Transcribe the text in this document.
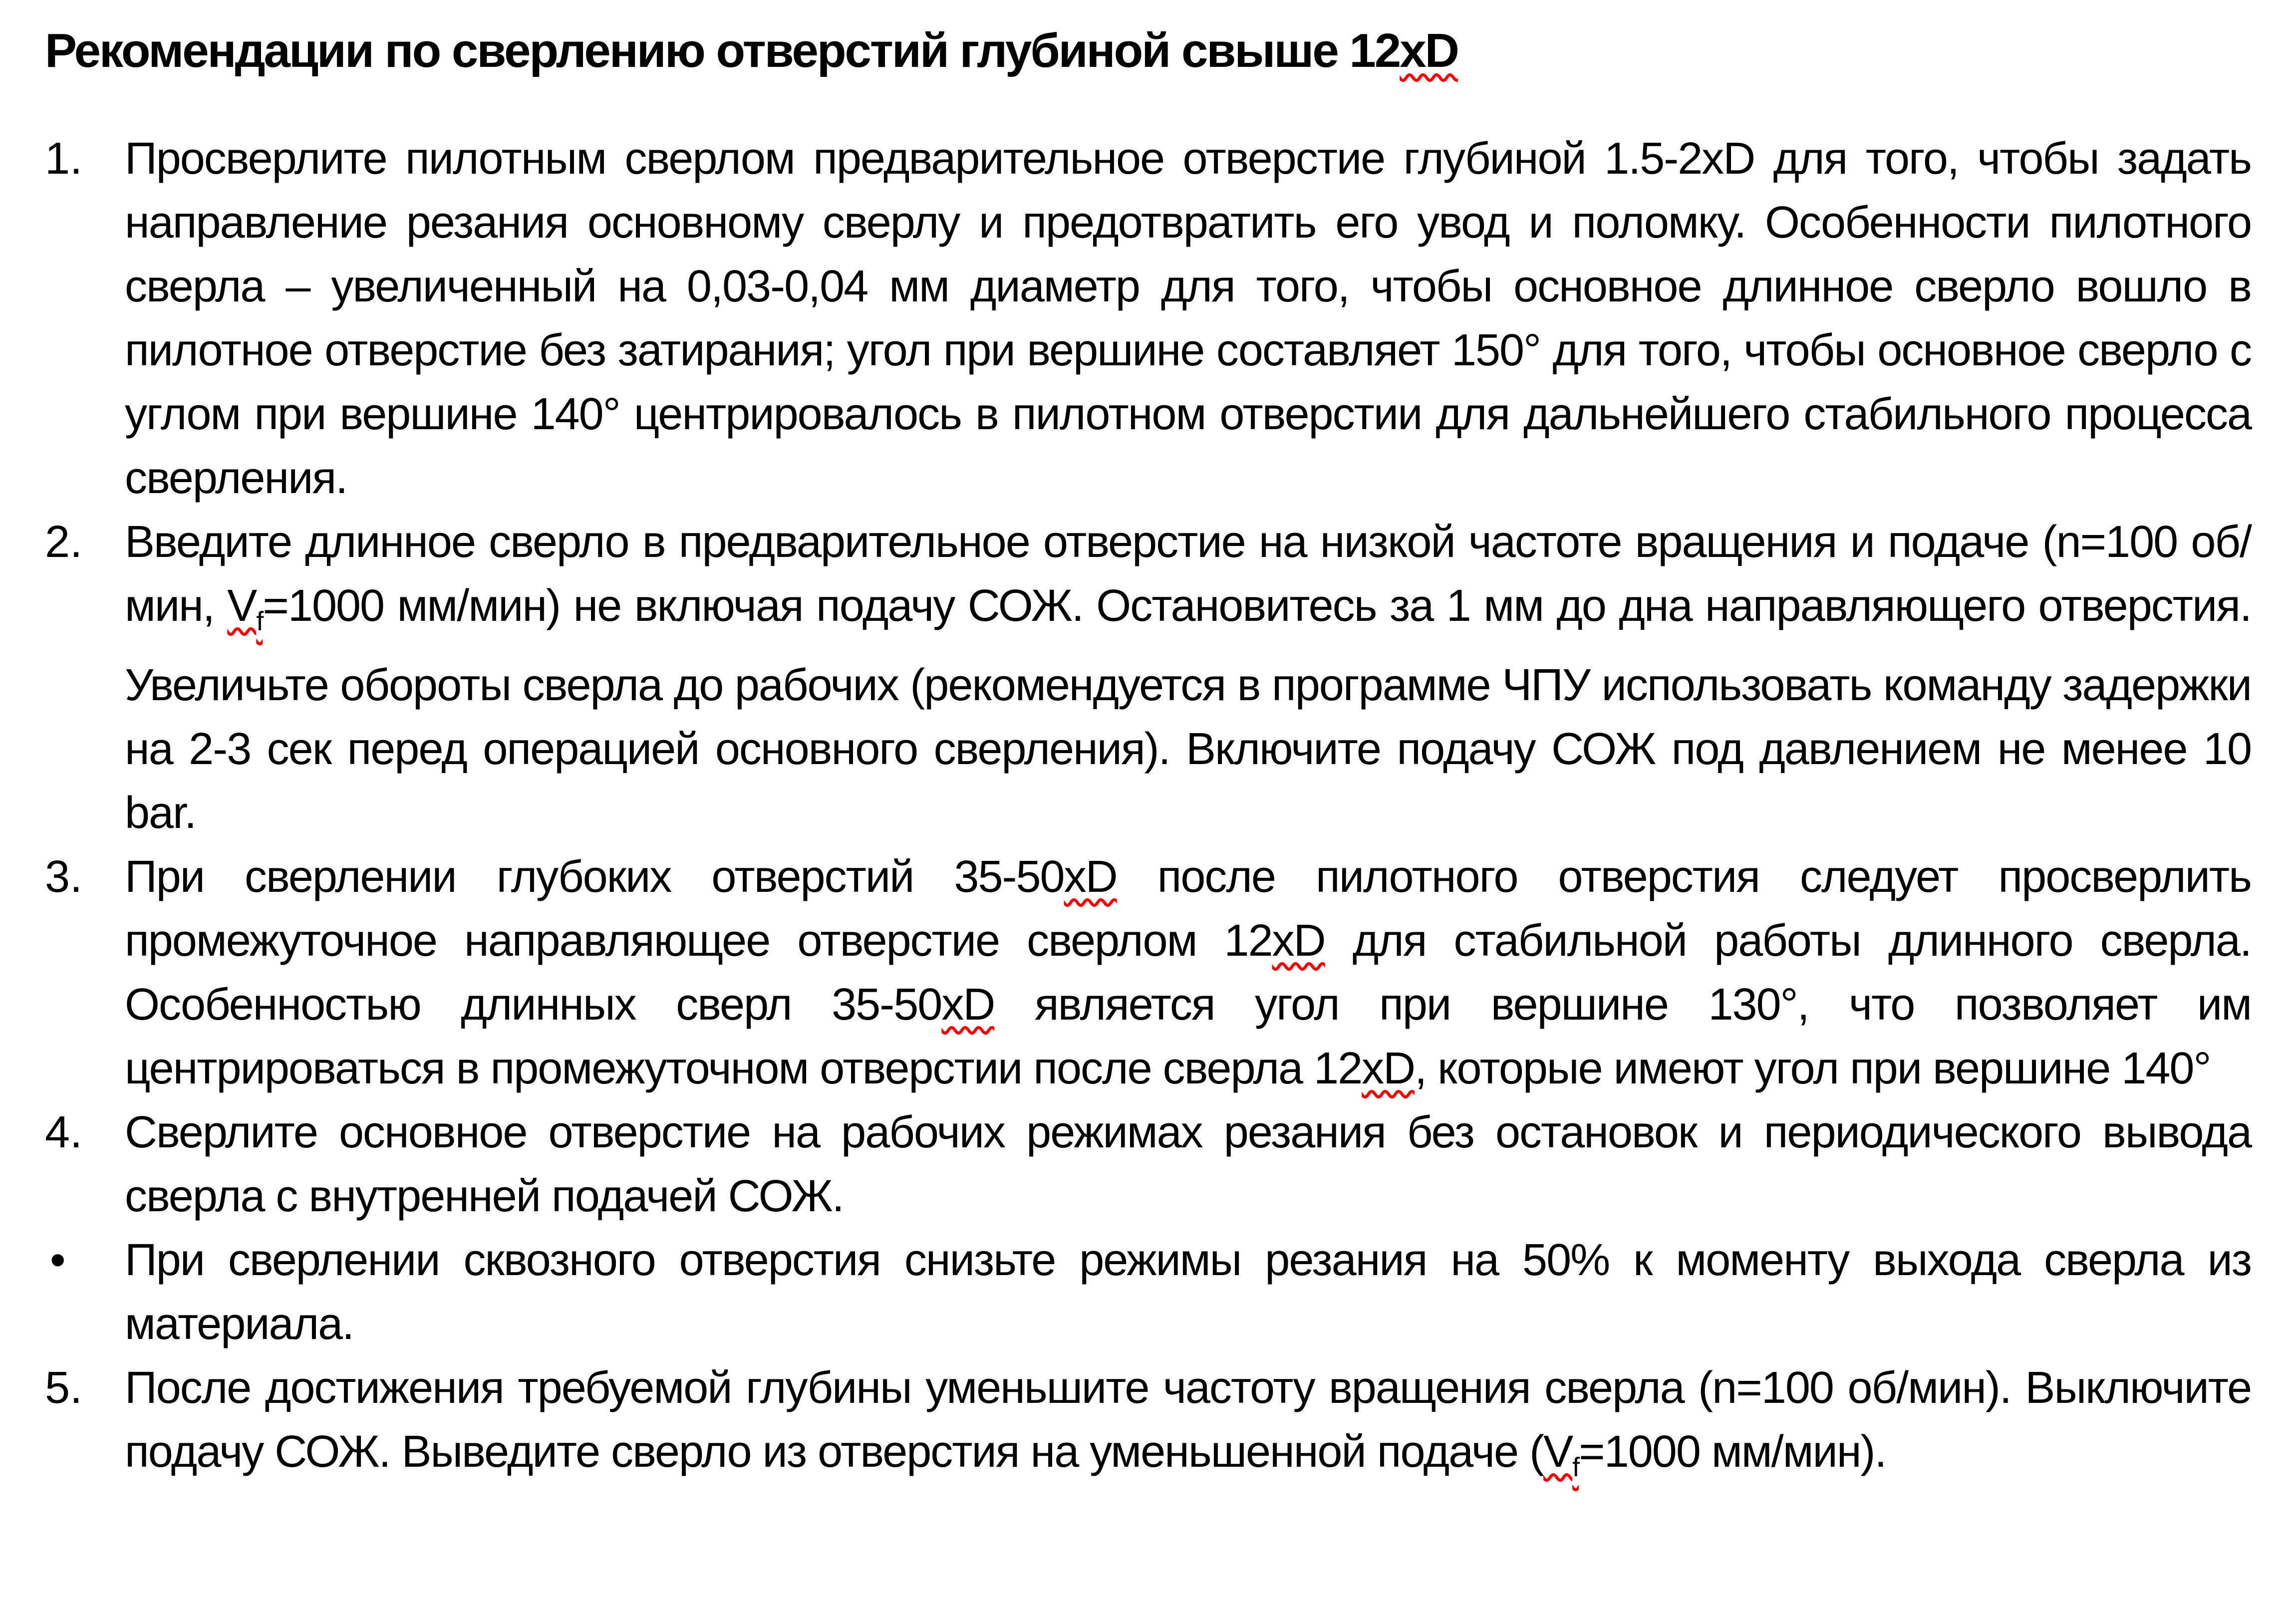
Рекомендации по сверлению отверстий глубиной свыше 12xD
1. Просверлите пилотным сверлом предварительное отверстие глубиной 1.5-2xD для того, чтобы задать направление резания основному сверлу и предотвратить его увод и поломку. Особенности пилотного сверла – увеличенный на 0,03-0,04 мм диаметр для того, чтобы основное длинное сверло вошло в пилотное отверстие без затирания; угол при вершине составляет 150° для того, чтобы основное сверло с углом при вершине 140° центрировалось в пилотном отверстии для дальнейшего стабильного процесса сверления.
2. Введите длинное сверло в предварительное отверстие на низкой частоте вращения и подаче (n=100 об/мин, $V_f=1000$ мм/мин) не включая подачу СОЖ. Остановитесь за 1 мм до дна направляющего отверстия. Увеличьте обороты сверла до рабочих (рекомендуется в программе ЧПУ использовать команду задержки на 2-3 сек перед операцией основного сверления). Включите подачу СОЖ под давлением не менее 10 bar.
3. При сверлении глубоких отверстий 35-50xD после пилотного отверстия следует просверлить промежуточное направляющее отверстие сверлом 12xD для стабильной работы длинного сверла. Особенностью длинных сверл 35-50xD является угол при вершине 130°, что позволяет им центрироваться в промежуточном отверстии после сверла 12xD, которые имеют угол при вершине 140°
4. Сверлите основное отверстие на рабочих режимах резания без остановок и периодического вывода сверла с внутренней подачей СОЖ.
• При сверлении сквозного отверстия снизьте режимы резания на 50% к моменту выхода сверла из материала.
5. После достижения требуемой глубины уменьшите частоту вращения сверла (n=100 об/мин). Выключите подачу СОЖ. Выведите сверло из отверстия на уменьшенной подаче ($V_f=1000$ мм/мин).
